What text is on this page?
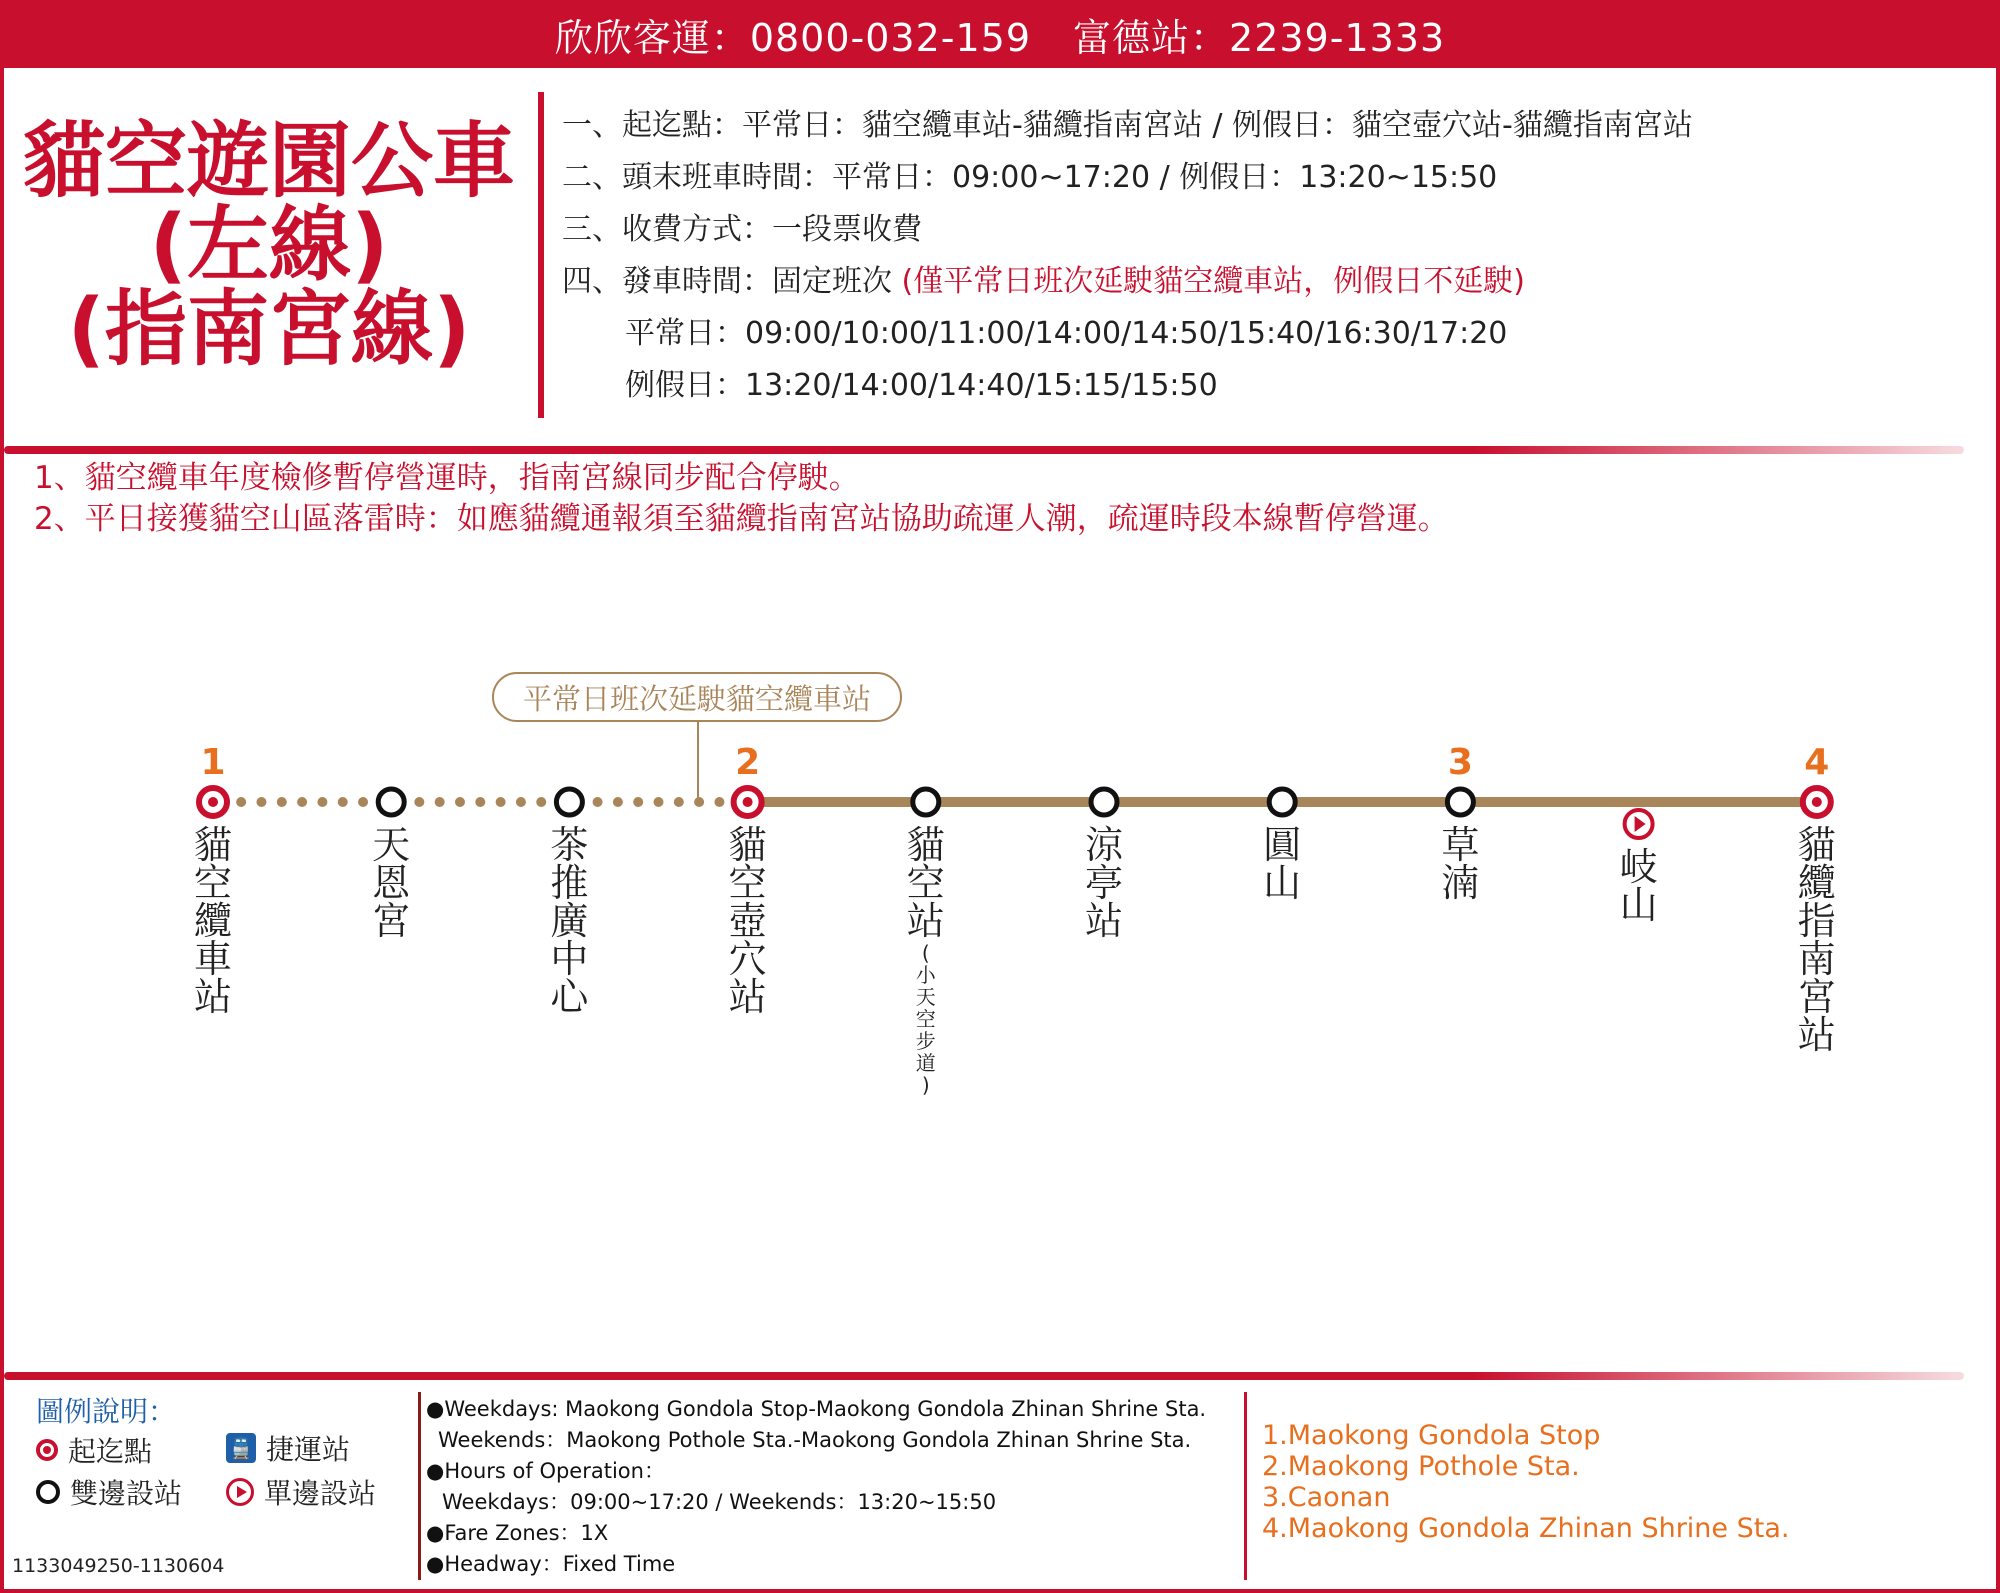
欣欣客運：0800-032-159 富德站：2239-1333
貓空遊園公車
(左線)
(指南宮線)
一、起迄點：平常日：貓空纜車站-貓纜指南宮站 / 例假日：貓空壺穴站-貓纜指南宮站
二、頭末班車時間：平常日：09:00~17:20 / 例假日：13:20~15:50
三、收費方式：一段票收費
四、發車時間：固定班次 (僅平常日班次延駛貓空纜車站，例假日不延駛)
平常日：09:00/10:00/11:00/14:00/14:50/15:40/16:30/17:20
例假日：13:20/14:00/14:40/15:15/15:50
1、貓空纜車年度檢修暫停營運時，指南宮線同步配合停駛。
2、平日接獲貓空山區落雷時：如應貓纜通報須至貓纜指南宮站協助疏運人潮，疏運時段本線暫停營運。
平常日班次延駛貓空纜車站
1
貓
空
纜
車
站
天
恩
宮
茶
推
廣
中
心
2
貓
空
壺
穴
站
貓
空
站
(
小
天
空
步
道
)
涼
亭
站
圓
山
3
草
湳	岐
山
4
貓
纜
指
南
宮
站
圖例說明：
起迄點	🚆 捷運站
雙邊設站	單邊設站
1133049250-1130604
●Weekdays: Maokong Gondola Stop-Maokong Gondola Zhinan Shrine Sta.
Weekends：Maokong Pothole Sta.-Maokong Gondola Zhinan Shrine Sta.
●Hours of Operation：
Weekdays：09:00~17:20 / Weekends：13:20~15:50
●Fare Zones：1X
●Headway：Fixed Time
1.Maokong Gondola Stop
2.Maokong Pothole Sta.
3.Caonan
4.Maokong Gondola Zhinan Shrine Sta.
